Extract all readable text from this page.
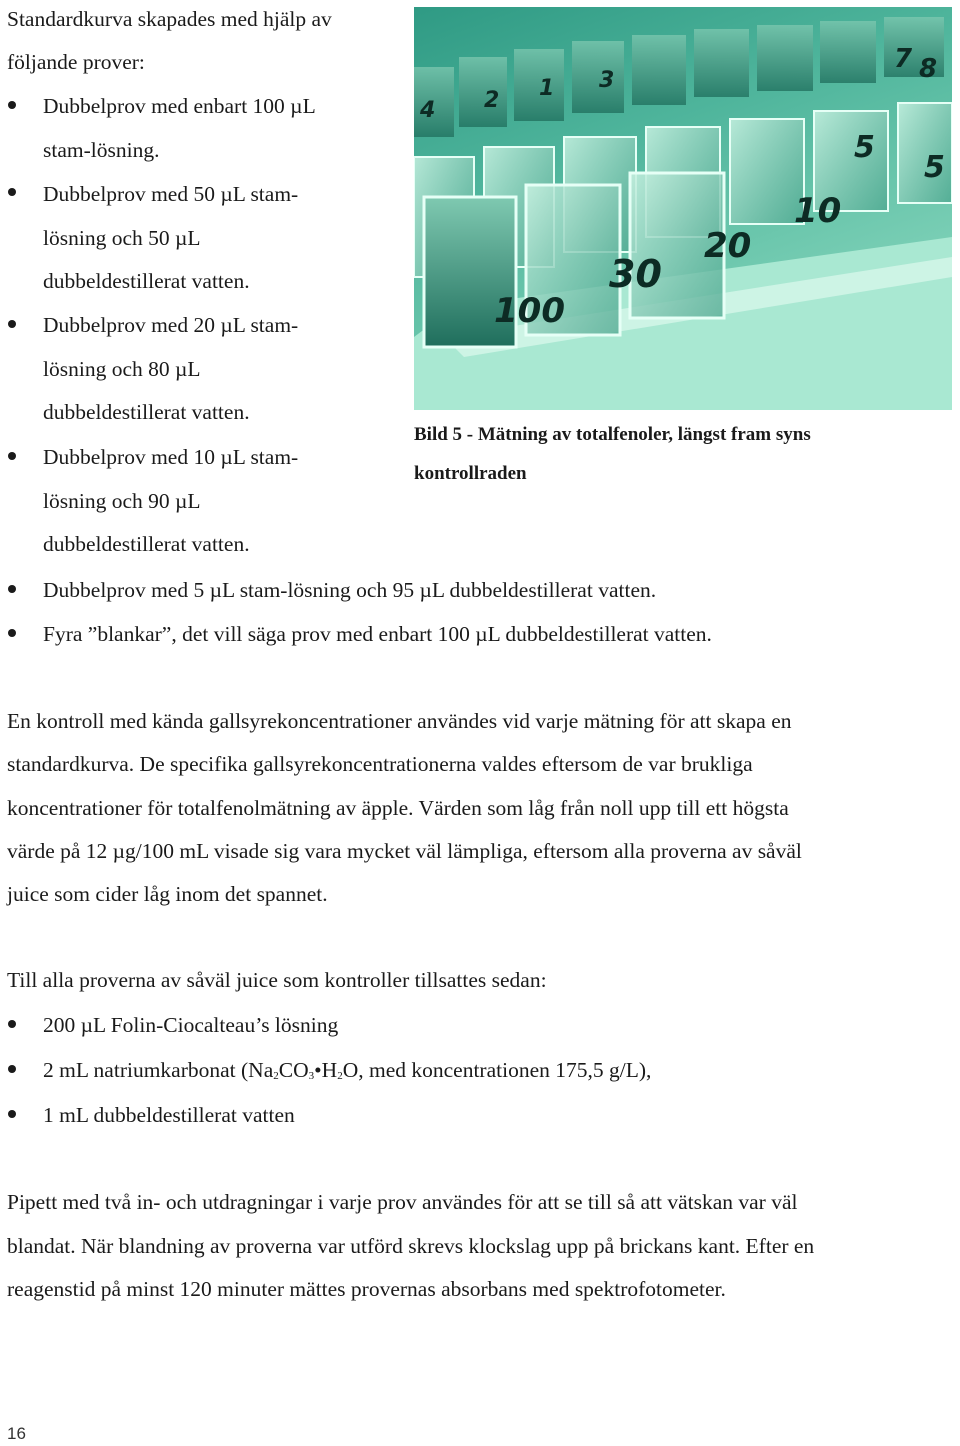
Standardkurva skapades med hjälp av
följande prover:
Dubbelprov med enbart 100 µL
stam-lösning.
Dubbelprov med 50 µL stam-
lösning och 50 µL
dubbeldestillerat vatten.
Dubbelprov med 20 µL stam-
lösning och 80 µL
dubbeldestillerat vatten.
Dubbelprov med 10 µL stam-
lösning och 90 µL
dubbeldestillerat vatten.
4 2 1 3
5
7 8
5
10
20
30
100
Bild 5 - Mätning av totalfenoler, längst fram syns
kontrollraden
Dubbelprov med 5 µL stam-lösning och 95 µL dubbeldestillerat vatten.
Fyra ”blankar”, det vill säga prov med enbart 100 µL dubbeldestillerat vatten.
En kontroll med kända gallsyrekoncentrationer användes vid varje mätning för att skapa en
standardkurva. De specifika gallsyrekoncentrationerna valdes eftersom de var brukliga
koncentrationer för totalfenolmätning av äpple. Värden som låg från noll upp till ett högsta
värde på 12 µg/100 mL visade sig vara mycket väl lämpliga, eftersom alla proverna av såväl
juice som cider låg inom det spannet.
Till alla proverna av såväl juice som kontroller tillsattes sedan:
200 µL Folin-Ciocalteau’s lösning
2 mL natriumkarbonat ($Na_2CO_3•H_2O$, med koncentrationen 175,5 g/L),
1 mL dubbeldestillerat vatten
Pipett med två in- och utdragningar i varje prov användes för att se till så att vätskan var väl
blandat. När blandning av proverna var utförd skrevs klockslag upp på brickans kant. Efter en
reagenstid på minst 120 minuter mättes provernas absorbans med spektrofotometer.
16
